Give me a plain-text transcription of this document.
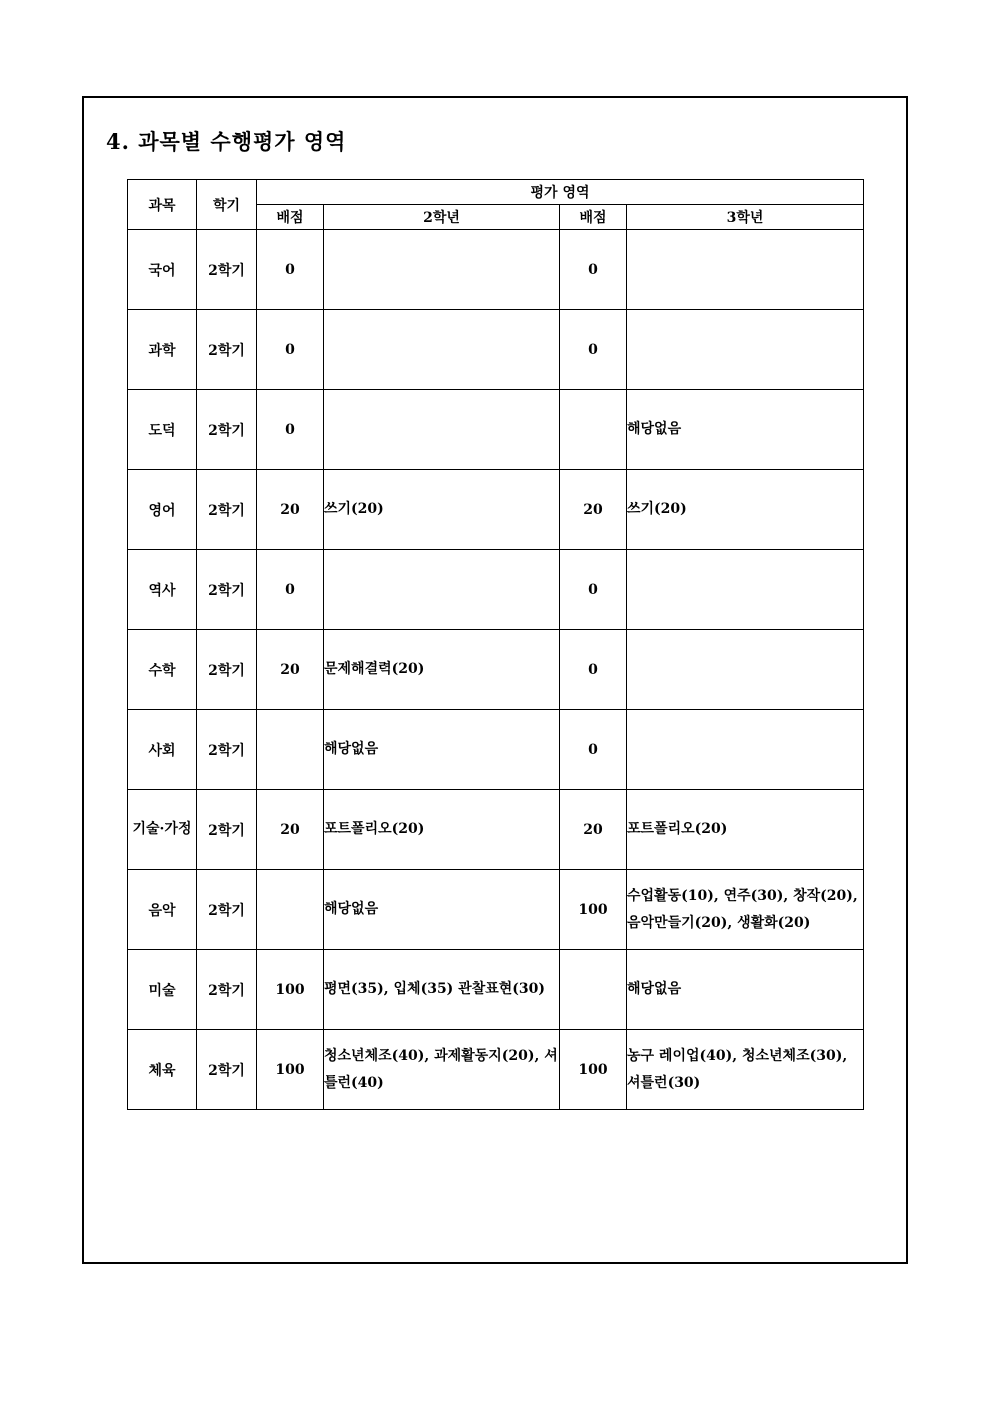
4. 과목별 수행평가 영역
과목	학기	평가 영역			
		배점	2학년	배점	3학년
국어	2학기	0		0	
과학	2학기	0		0	
도덕	2학기	0			해당없음
영어	2학기	20	쓰기(20)	20	쓰기(20)
역사	2학기	0		0	
수학	2학기	20	문제해결력(20)	0	
사회	2학기		해당없음	0	
기술·가정	2학기	20	포트폴리오(20)	20	포트폴리오(20)
음악	2학기		해당없음	100	수업활동(10), 연주(30), 창작(20), 음악만들기(20), 생활화(20)
미술	2학기	100	평면(35), 입체(35) 관찰표현(30)		해당없음
체육	2학기	100	청소년체조(40), 과제활동지(20), 셔틀런(40)	100	농구 레이업(40), 청소년체조(30), 셔틀런(30)
